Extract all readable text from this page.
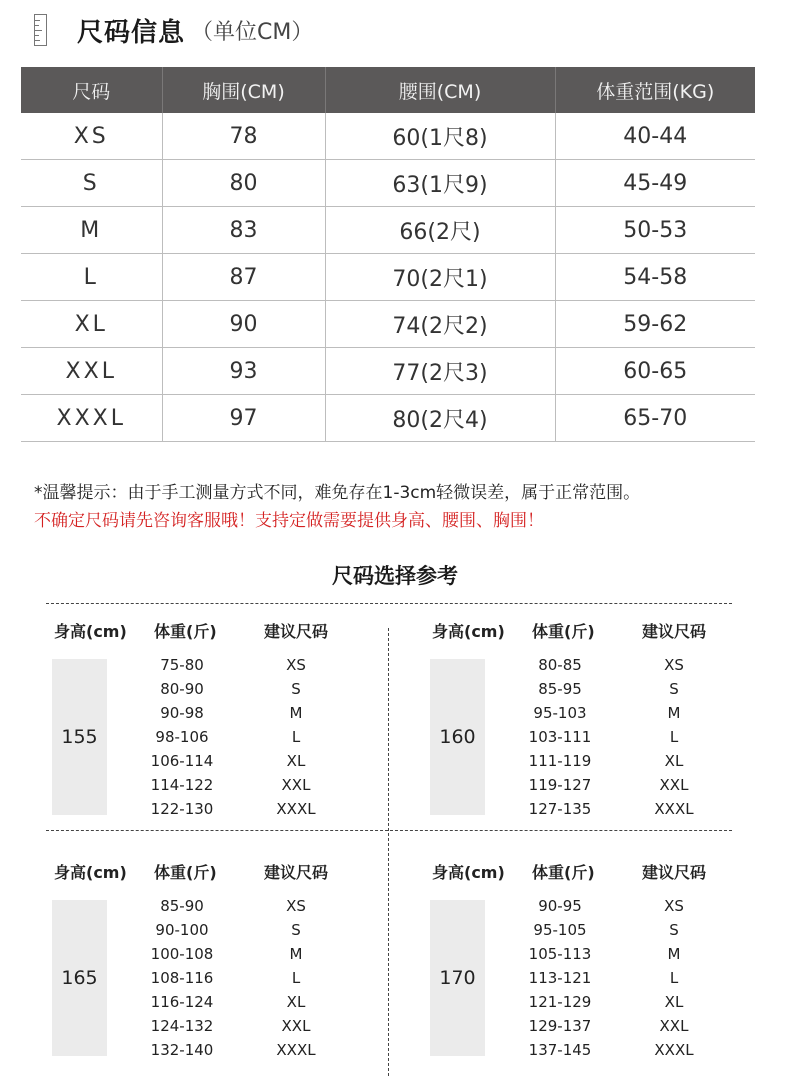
尺码信息 （单位CM）
尺码	胸围(CM)	腰围(CM)	体重范围(KG)
XS	78	60(1尺8)	40-44
S	80	63(1尺9)	45-49
M	83	66(2尺)	50-53
L	87	70(2尺1)	54-58
XL	90	74(2尺2)	59-62
XXL	93	77(2尺3)	60-65
XXXL	97	80(2尺4)	65-70
*温馨提示：由于手工测量方式不同，难免存在1-3cm轻微误差，属于正常范围。
不确定尺码请先咨询客服哦！支持定做需要提供身高、腰围、胸围！
尺码选择参考
身高(cm) 体重(斤)	建议尺码
155
75-80	XS
80-90	S
90-98	M
98-106	L
106-114	XL
114-122	XXL
122-130	XXXL
身高(cm) 体重(斤)	建议尺码
160
80-85	XS
85-95	S
95-103	M
103-111	L
111-119	XL
119-127	XXL
127-135	XXXL
身高(cm) 体重(斤)	建议尺码
165
85-90	XS
90-100	S
100-108	M
108-116	L
116-124	XL
124-132	XXL
132-140	XXXL
身高(cm) 体重(斤)	建议尺码
170
90-95	XS
95-105	S
105-113	M
113-121	L
121-129	XL
129-137	XXL
137-145	XXXL
